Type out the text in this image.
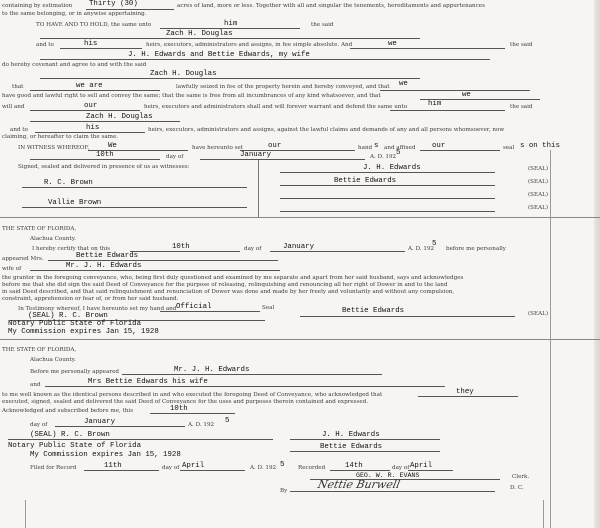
containing by estimation Thirty (30)	acres of land, more or less. Together with all and singular the tenements, hereditaments and appurtenances
to the same belonging, or in anywise appertaining.
TO HAVE AND TO HOLD, the same unto	him	the said
Zach H. Douglas
and to	his	heirs, executors, administrators and assigns, in fee simple absolute. And	we	the said
J. H. Edwards and Bettie Edwards, my wife
do hereby covenant and agree to and with the said
Zach H. Douglas
that	we are	lawfully seized in fee of the property herein and hereby conveyed, and that we
have good and lawful right to sell and convey the same; that the same is free from all incumbrances of any kind whatsoever, and that	we
will and	our	heirs, executors and administrators shall and will forever warrant and defend the same unto	him	the said
Zach H. Douglas
and to	his	heirs, executors, administrators and assigns, against the lawful claims and demands of any and all persons whomsoever, now
claiming, or hereafter to claim the same.
IN WITNESS WHEREOF,	We	have hereunto set	our	hand s and affixed our	seal s on this
10th	day of	January	A. D. 192 5
Signed, sealed and delivered in presence of us as witnesses:
R. C. Brown
Vallie Brown
J. H. Edwards	(SEAL)
Bettie Edwards	(SEAL)
(SEAL)
(SEAL)
THE STATE OF FLORIDA,
Alachua County.
I hereby certify that on this	10th	day of	January	A. D. 192
5
before me personally
appeared Mrs.	Bettie Edwards
wife of	Mr. J. H. Edwards
the grantor in the foregoing conveyance, who, being first duly questioned and examined by me separate and apart from her said husband, says and acknowledges
before me that she did sign the said Deed of Conveyance for the purpose of releasing, relinquishing and renouncing all her right of Dower in and to the land
in said Deed described, and that said relinquishment and renunciation of Dower was done and made by her freely and voluntarily and without any compulsion,
constraint, apprehension or fear of, or from her said husband.
In Testimony whereof, I have hereunto set my hand and Official	Seal
(SEAL) R. C. Brown
Notary Public State of Florida
My Commission expires Jan 15, 1928
Bettie Edwards	(SEAL)
THE STATE OF FLORIDA,
Alachua County.
Before me personally appeared	Mr. J. H. Edwards
and	Mrs Bettie Edwards his wife
to me well known as the identical persons described in and who executed the foregoing Deed of Conveyance, who acknowledged that	they
executed, signed, sealed and delivered the said Deed of Conveyance for the uses and purposes therein contained and expressed.
Acknowledged and subscribed before me, this	10th
day of	January	A. D. 192 5
(SEAL) R. C. Brown
Notary Public State of Florida
My Commission expires Jan 15, 1928
J. H. Edwards
Bettie Edwards
Filed for Record	11th	day of April	A. D. 192 5 Recorded	14th	day of April
GEO. W. R. EVANS	Clerk.
By	Nettie Burwell	D. C.
